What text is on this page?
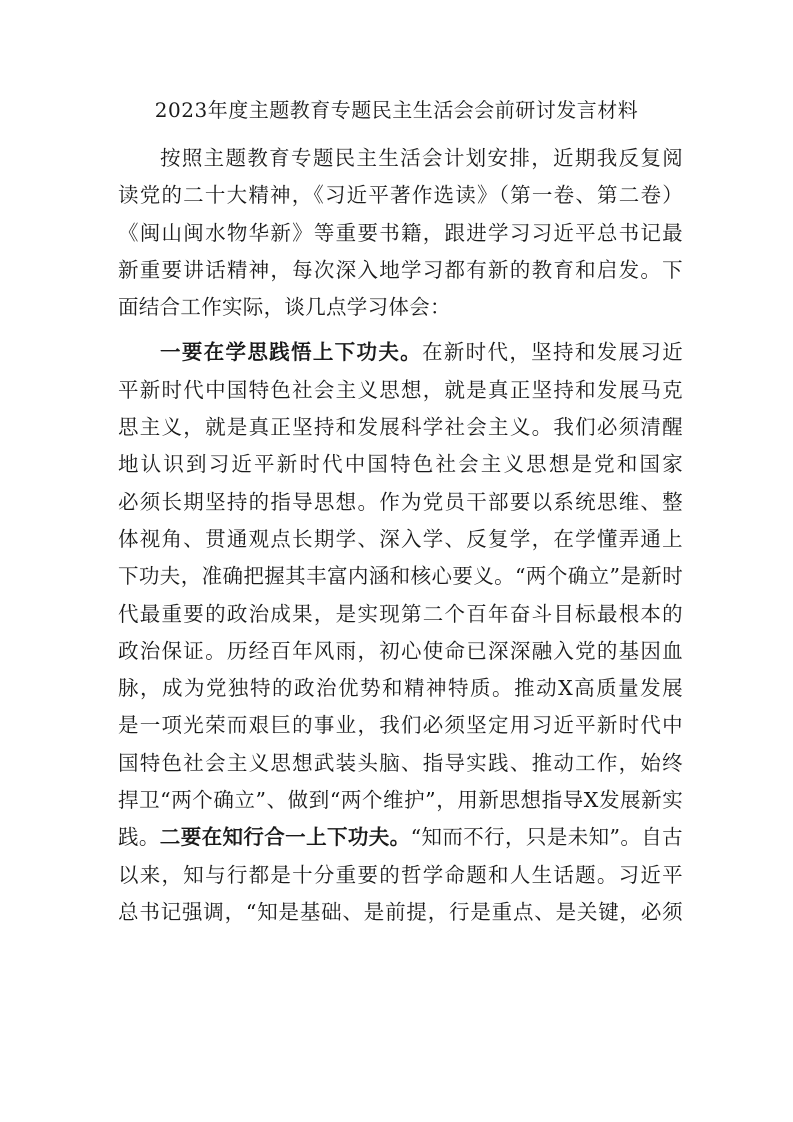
2023年度主题教育专题民主生活会会前研讨发言材料
按照主题教育专题民主生活会计划安排，近期我反复阅
读党的二十大精神，《习近平著作选读》（第一卷、第二卷）
《闽山闽水物华新》等重要书籍，跟进学习习近平总书记最
新重要讲话精神，每次深入地学习都有新的教育和启发。下
面结合工作实际，谈几点学习体会：
一要在学思践悟上下功夫。在新时代，坚持和发展习近
平新时代中国特色社会主义思想，就是真正坚持和发展马克
思主义，就是真正坚持和发展科学社会主义。我们必须清醒
地认识到习近平新时代中国特色社会主义思想是党和国家
必须长期坚持的指导思想。作为党员干部要以系统思维、整
体视角、贯通观点长期学、深入学、反复学，在学懂弄通上
下功夫，准确把握其丰富内涵和核心要义。“两个确立”是新时
代最重要的政治成果，是实现第二个百年奋斗目标最根本的
政治保证。历经百年风雨，初心使命已深深融入党的基因血
脉，成为党独特的政治优势和精神特质。推动X高质量发展
是一项光荣而艰巨的事业，我们必须坚定用习近平新时代中
国特色社会主义思想武装头脑、指导实践、推动工作，始终
捍卫“两个确立”、做到“两个维护”，用新思想指导X发展新实
践。二要在知行合一上下功夫。“知而不行，只是未知”。自古
以来，知与行都是十分重要的哲学命题和人生话题。习近平
总书记强调，“知是基础、是前提，行是重点、是关键，必须
